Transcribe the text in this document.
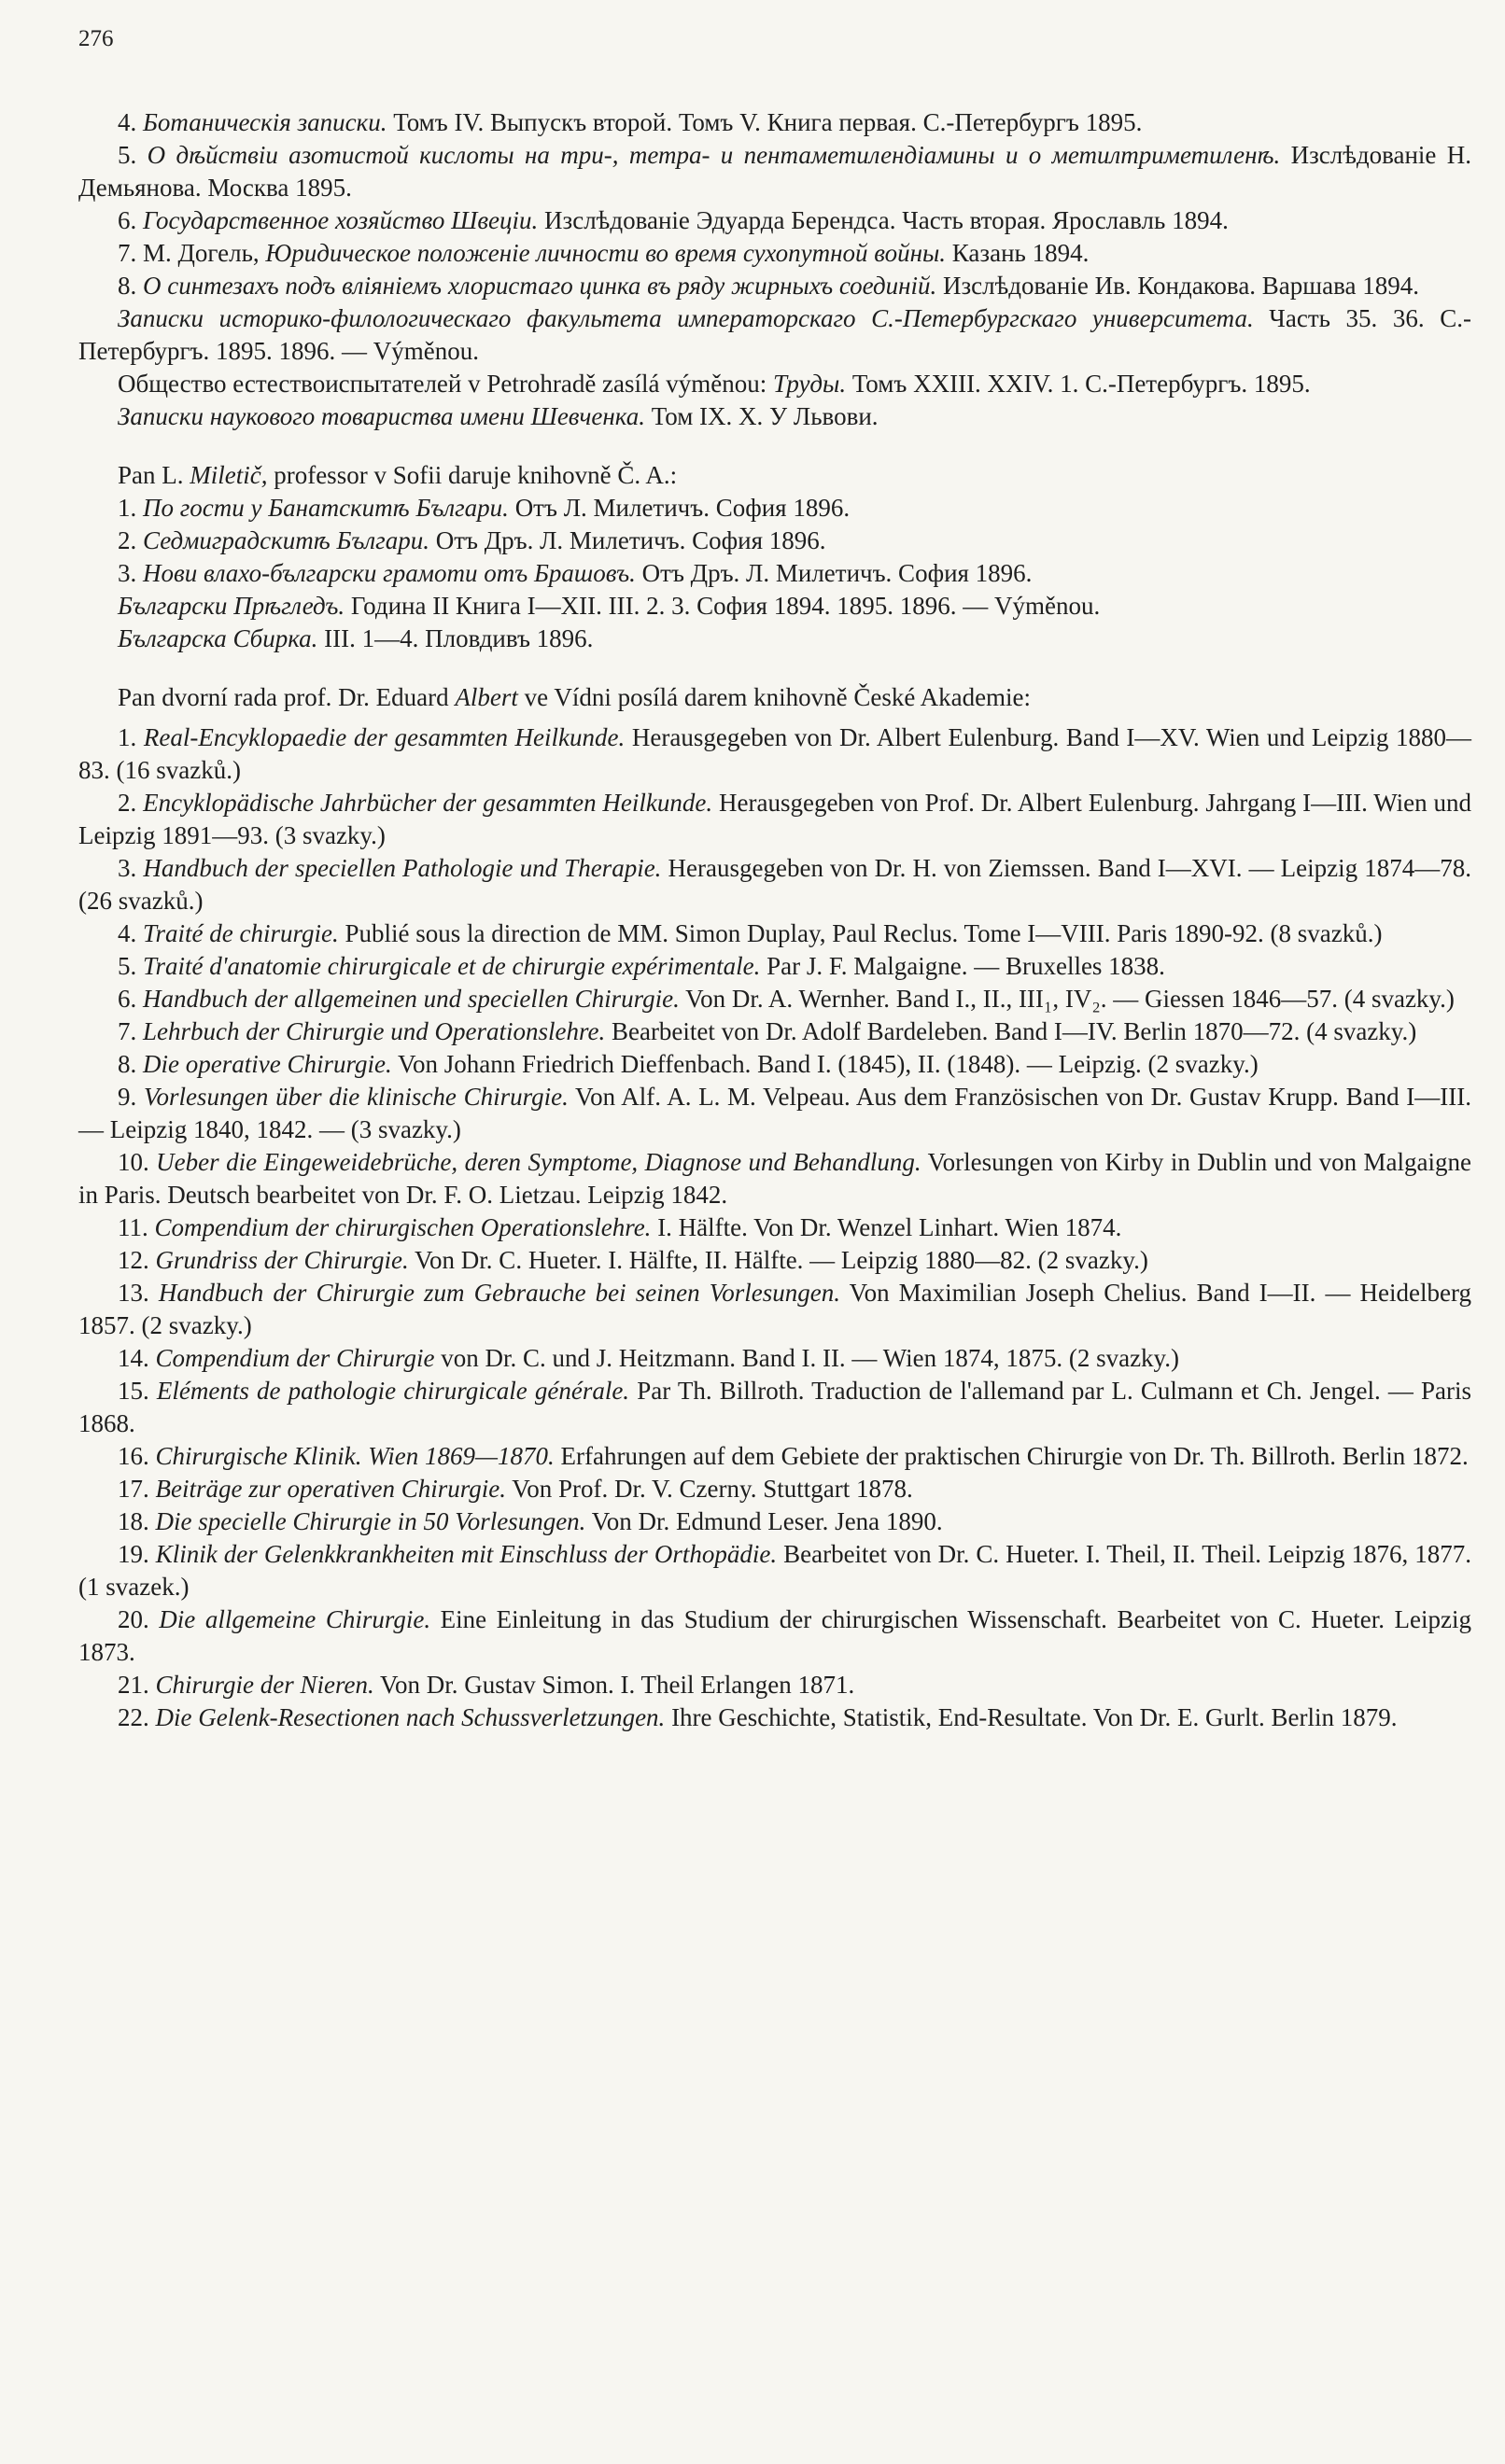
276

4. Ботаническія записки. Томъ IV. Выпускъ второй. Томъ V. Книга первая. С.-Петербургъ 1895.

5. О дѣйствіи азотистой кислоты на три-, тетра- и пентаметилендіамины и о метилтриметиленѣ. Изслѣдованіе Н. Демьянова. Москва 1895.

6. Государственное хозяйство Швеціи. Изслѣдованіе Эдуарда Берендса. Часть вторая. Ярославль 1894.

7. М. Догель, Юридическое положеніе личности во время сухопутной войны. Казань 1894.

8. О синтезахъ подъ вліяніемъ хлористаго цинка въ ряду жирныхъ соединій. Изслѣдованіе Ив. Кондакова. Варшава 1894.

Записки историко-филологическаго факультета императорскаго С.-Петербургскаго университета. Часть 35. 36. С.-Петербургъ. 1895. 1896. — Výměnou.

Общество естествоиспытателей v Petrohradě zasílá výměnou: Труды. Томъ XXIII. XXIV. 1. С.-Петербургъ. 1895.

Записки наукового товариства имени Шевченка. Том IX. X. У Львови.

Pan L. Miletič, professor v Sofii daruje knihovně Č. A.:

1. По гости у Банатскитѣ Българи. Отъ Л. Милетичъ. София 1896.

2. Седмиградскитѣ Българи. Отъ Дръ. Л. Милетичъ. София 1896.

3. Нови влахо-български грамоти отъ Брашовъ. Отъ Дръ. Л. Милетичъ. София 1896.

Български Прѣгледъ. Година II Книга I—XII. III. 2. 3. София 1894. 1895. 1896. — Výměnou.

Българска Сбирка. III. 1—4. Пловдивъ 1896.

Pan dvorní rada prof. Dr. Eduard Albert ve Vídni posílá darem knihovně České Akademie:

1. Real-Encyklopaedie der gesammten Heilkunde. Herausgegeben von Dr. Albert Eulenburg. Band I—XV. Wien und Leipzig 1880—83. (16 svazků.)

2. Encyklopädische Jahrbücher der gesammten Heilkunde. Herausgegeben von Prof. Dr. Albert Eulenburg. Jahrgang I—III. Wien und Leipzig 1891—93. (3 svazky.)

3. Handbuch der speciellen Pathologie und Therapie. Herausgegeben von Dr. H. von Ziemssen. Band I—XVI. — Leipzig 1874—78. (26 svazků.)

4. Traité de chirurgie. Publié sous la direction de MM. Simon Duplay, Paul Reclus. Tome I—VIII. Paris 1890-92. (8 svazků.)

5. Traité d'anatomie chirurgicale et de chirurgie expérimentale. Par J. F. Malgaigne. — Bruxelles 1838.

6. Handbuch der allgemeinen und speciellen Chirurgie. Von Dr. A. Wernher. Band I., II., III₁, IV₂. — Giessen 1846—57. (4 svazky.)

7. Lehrbuch der Chirurgie und Operationslehre. Bearbeitet von Dr. Adolf Bardeleben. Band I—IV. Berlin 1870—72. (4 svazky.)

8. Die operative Chirurgie. Von Johann Friedrich Dieffenbach. Band I. (1845), II. (1848). — Leipzig. (2 svazky.)

9. Vorlesungen über die klinische Chirurgie. Von Alf. A. L. M. Velpeau. Aus dem Französischen von Dr. Gustav Krupp. Band I—III. — Leipzig 1840, 1842. — (3 svazky.)

10. Ueber die Eingeweidebrüche, deren Symptome, Diagnose und Behandlung. Vorlesungen von Kirby in Dublin und von Malgaigne in Paris. Deutsch bearbeitet von Dr. F. O. Lietzau. Leipzig 1842.

11. Compendium der chirurgischen Operationslehre. I. Hälfte. Von Dr. Wenzel Linhart. Wien 1874.

12. Grundriss der Chirurgie. Von Dr. C. Hueter. I. Hälfte, II. Hälfte. — Leipzig 1880—82. (2 svazky.)

13. Handbuch der Chirurgie zum Gebrauche bei seinen Vorlesungen. Von Maximilian Joseph Chelius. Band I—II. — Heidelberg 1857. (2 svazky.)

14. Compendium der Chirurgie von Dr. C. und J. Heitzmann. Band I. II. — Wien 1874, 1875. (2 svazky.)

15. Eléments de pathologie chirurgicale générale. Par Th. Billroth. Traduction de l'allemand par L. Culmann et Ch. Jengel. — Paris 1868.

16. Chirurgische Klinik. Wien 1869—1870. Erfahrungen auf dem Gebiete der praktischen Chirurgie von Dr. Th. Billroth. Berlin 1872.

17. Beiträge zur operativen Chirurgie. Von Prof. Dr. V. Czerny. Stuttgart 1878.

18. Die specielle Chirurgie in 50 Vorlesungen. Von Dr. Edmund Leser. Jena 1890.

19. Klinik der Gelenkkrankheiten mit Einschluss der Orthopädie. Bearbeitet von Dr. C. Hueter. I. Theil, II. Theil. Leipzig 1876, 1877. (1 svazek.)

20. Die allgemeine Chirurgie. Eine Einleitung in das Studium der chirurgischen Wissenschaft. Bearbeitet von C. Hueter. Leipzig 1873.

21. Chirurgie der Nieren. Von Dr. Gustav Simon. I. Theil Erlangen 1871.

22. Die Gelenk-Resectionen nach Schussverletzungen. Ihre Geschichte, Statistik, End-Resultate. Von Dr. E. Gurlt. Berlin 1879.
